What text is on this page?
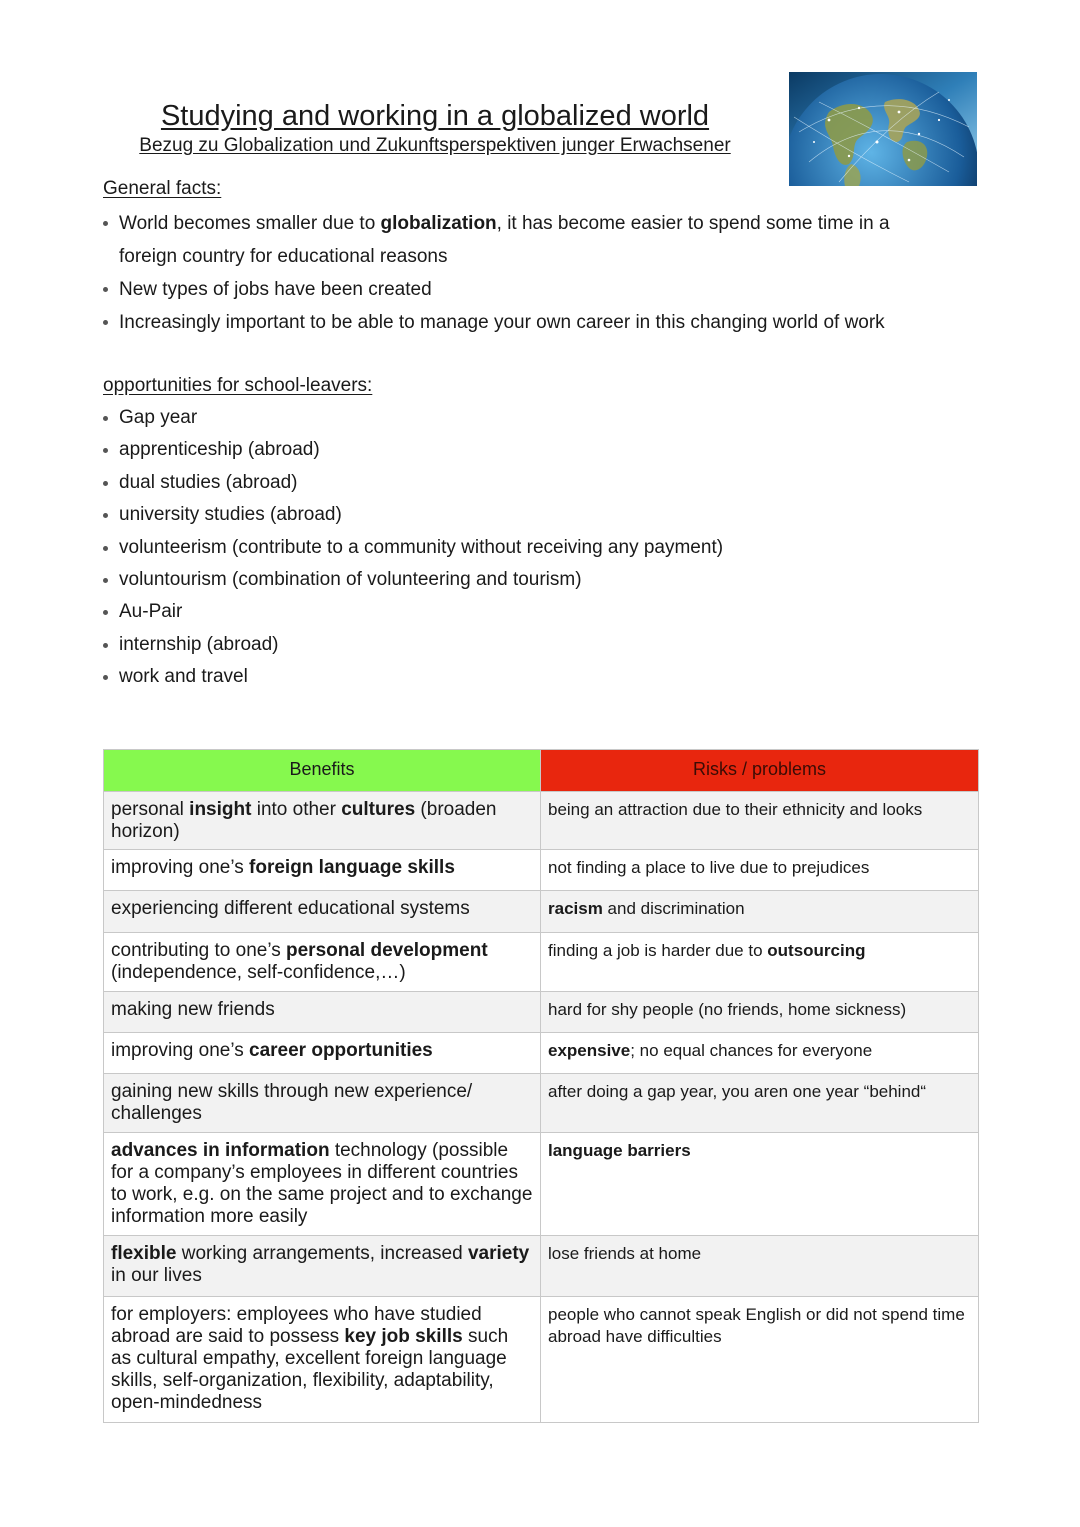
Studying and working in a globalized world
Bezug zu Globalization und Zukunftsperspektiven junger Erwachsener
General facts:
World becomes smaller due to globalization, it has become easier to spend some time in a
foreign country for educational reasons
New types of jobs have been created
Increasingly important to be able to manage your own career in this changing world of work
opportunities for school-leavers:
Gap year
apprenticeship (abroad)
dual studies (abroad)
university studies (abroad)
volunteerism (contribute to a community without receiving any payment)
voluntourism (combination of volunteering and tourism)
Au-Pair
internship (abroad)
work and travel
Benefits	Risks / problems
personal insight into other cultures (broaden horizon)	being an attraction due to their ethnicity and looks
improving one’s foreign language skills	not finding a place to live due to prejudices
experiencing different educational systems	racism and discrimination
contributing to one’s personal development (independence, self-confidence,…)	finding a job is harder due to outsourcing
making new friends	hard for shy people (no friends, home sickness)
improving one’s career opportunities	expensive; no equal chances for everyone
gaining new skills through new experience/ challenges	after doing a gap year, you aren one year “behind“
advances in information technology (possible for a company’s employees in different countries to work, e.g. on the same project and to exchange information more easily	language barriers
flexible working arrangements, increased variety in our lives	lose friends at home
for employers: employees who have studied abroad are said to possess key job skills such as cultural empathy, excellent foreign language skills, self-organization, flexibility, adaptability, open-mindedness	people who cannot speak English or did not spend time abroad have difficulties
